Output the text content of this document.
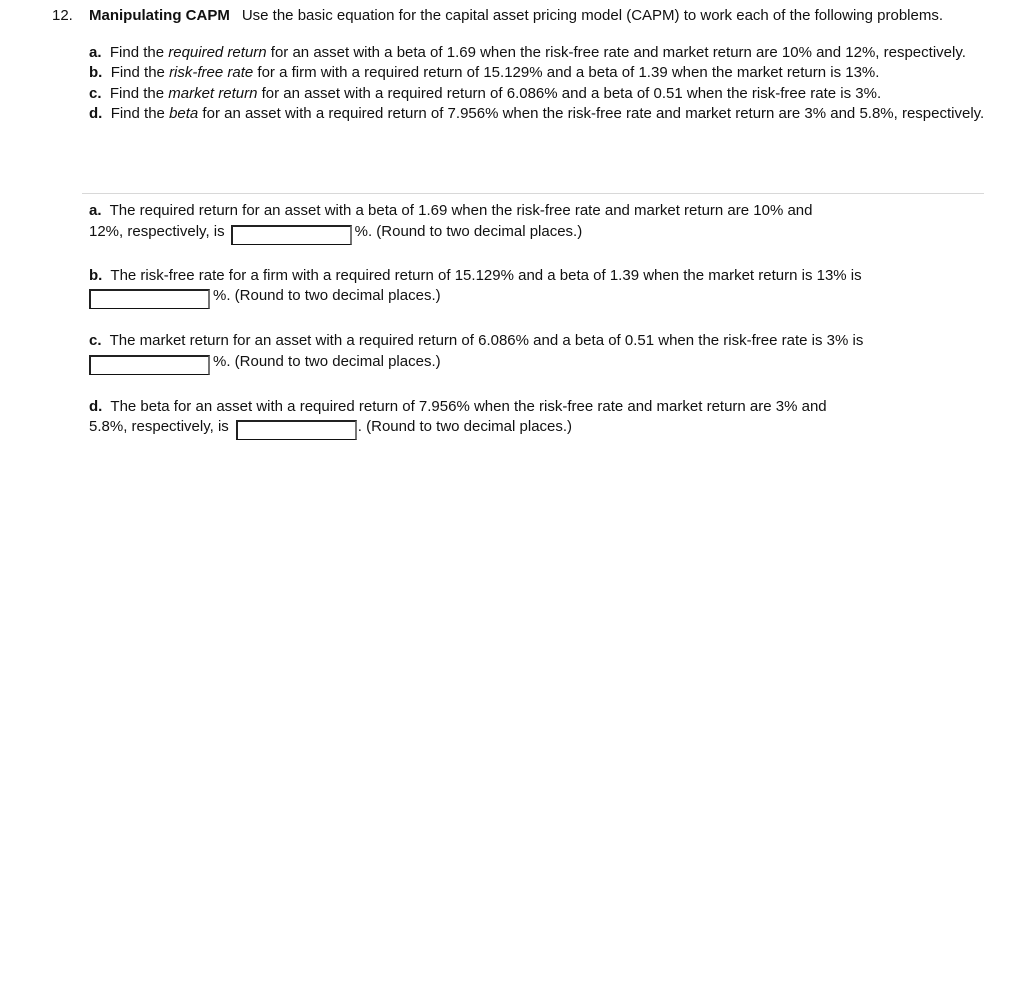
12. Manipulating CAPM Use the basic equation for the capital asset pricing model (CAPM) to work each of the following problems.

a. Find the required return for an asset with a beta of 1.69 when the risk-free rate and market return are 10% and 12%, respectively.

b. Find the risk-free rate for a firm with a required return of 15.129% and a beta of 1.39 when the market return is 13%.

c. Find the market return for an asset with a required return of 6.086% and a beta of 0.51 when the risk-free rate is 3%.

d. Find the beta for an asset with a required return of 7.956% when the risk-free rate and market return are 3% and 5.8%, respectively.

a. The required return for an asset with a beta of 1.69 when the risk-free rate and market return are 10% and
12%, respectively, is	%. (Round to two decimal places.)

b. The risk-free rate for a firm with a required return of 15.129% and a beta of 1.39 when the market return is 13% is
%. (Round to two decimal places.)

c. The market return for an asset with a required return of 6.086% and a beta of 0.51 when the risk-free rate is 3% is
%. (Round to two decimal places.)

d. The beta for an asset with a required return of 7.956% when the risk-free rate and market return are 3% and
5.8%, respectively, is	. (Round to two decimal places.)
